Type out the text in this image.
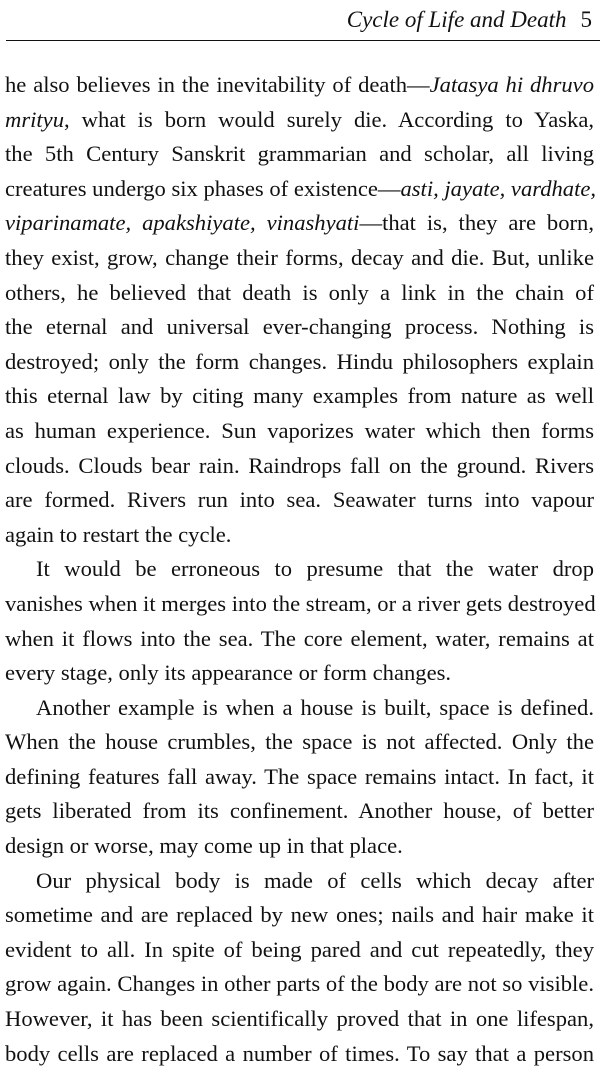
Cycle of Life and Death 5
he also believes in the inevitability of death—Jatasya hi dhruvo
mrityu, what is born would surely die. According to Yaska,
the 5th Century Sanskrit grammarian and scholar, all living
creatures undergo six phases of existence—asti, jayate, vardhate,
viparinamate, apakshiyate, vinashyati—that is, they are born,
they exist, grow, change their forms, decay and die. But, unlike
others, he believed that death is only a link in the chain of
the eternal and universal ever-changing process. Nothing is
destroyed; only the form changes. Hindu philosophers explain
this eternal law by citing many examples from nature as well
as human experience. Sun vaporizes water which then forms
clouds. Clouds bear rain. Raindrops fall on the ground. Rivers
are formed. Rivers run into sea. Seawater turns into vapour
again to restart the cycle.
It would be erroneous to presume that the water drop
vanishes when it merges into the stream, or a river gets destroyed
when it flows into the sea. The core element, water, remains at
every stage, only its appearance or form changes.
Another example is when a house is built, space is defined.
When the house crumbles, the space is not affected. Only the
defining features fall away. The space remains intact. In fact, it
gets liberated from its confinement. Another house, of better
design or worse, may come up in that place.
Our physical body is made of cells which decay after
sometime and are replaced by new ones; nails and hair make it
evident to all. In spite of being pared and cut repeatedly, they
grow again. Changes in other parts of the body are not so visible.
However, it has been scientifically proved that in one lifespan,
body cells are replaced a number of times. To say that a person
